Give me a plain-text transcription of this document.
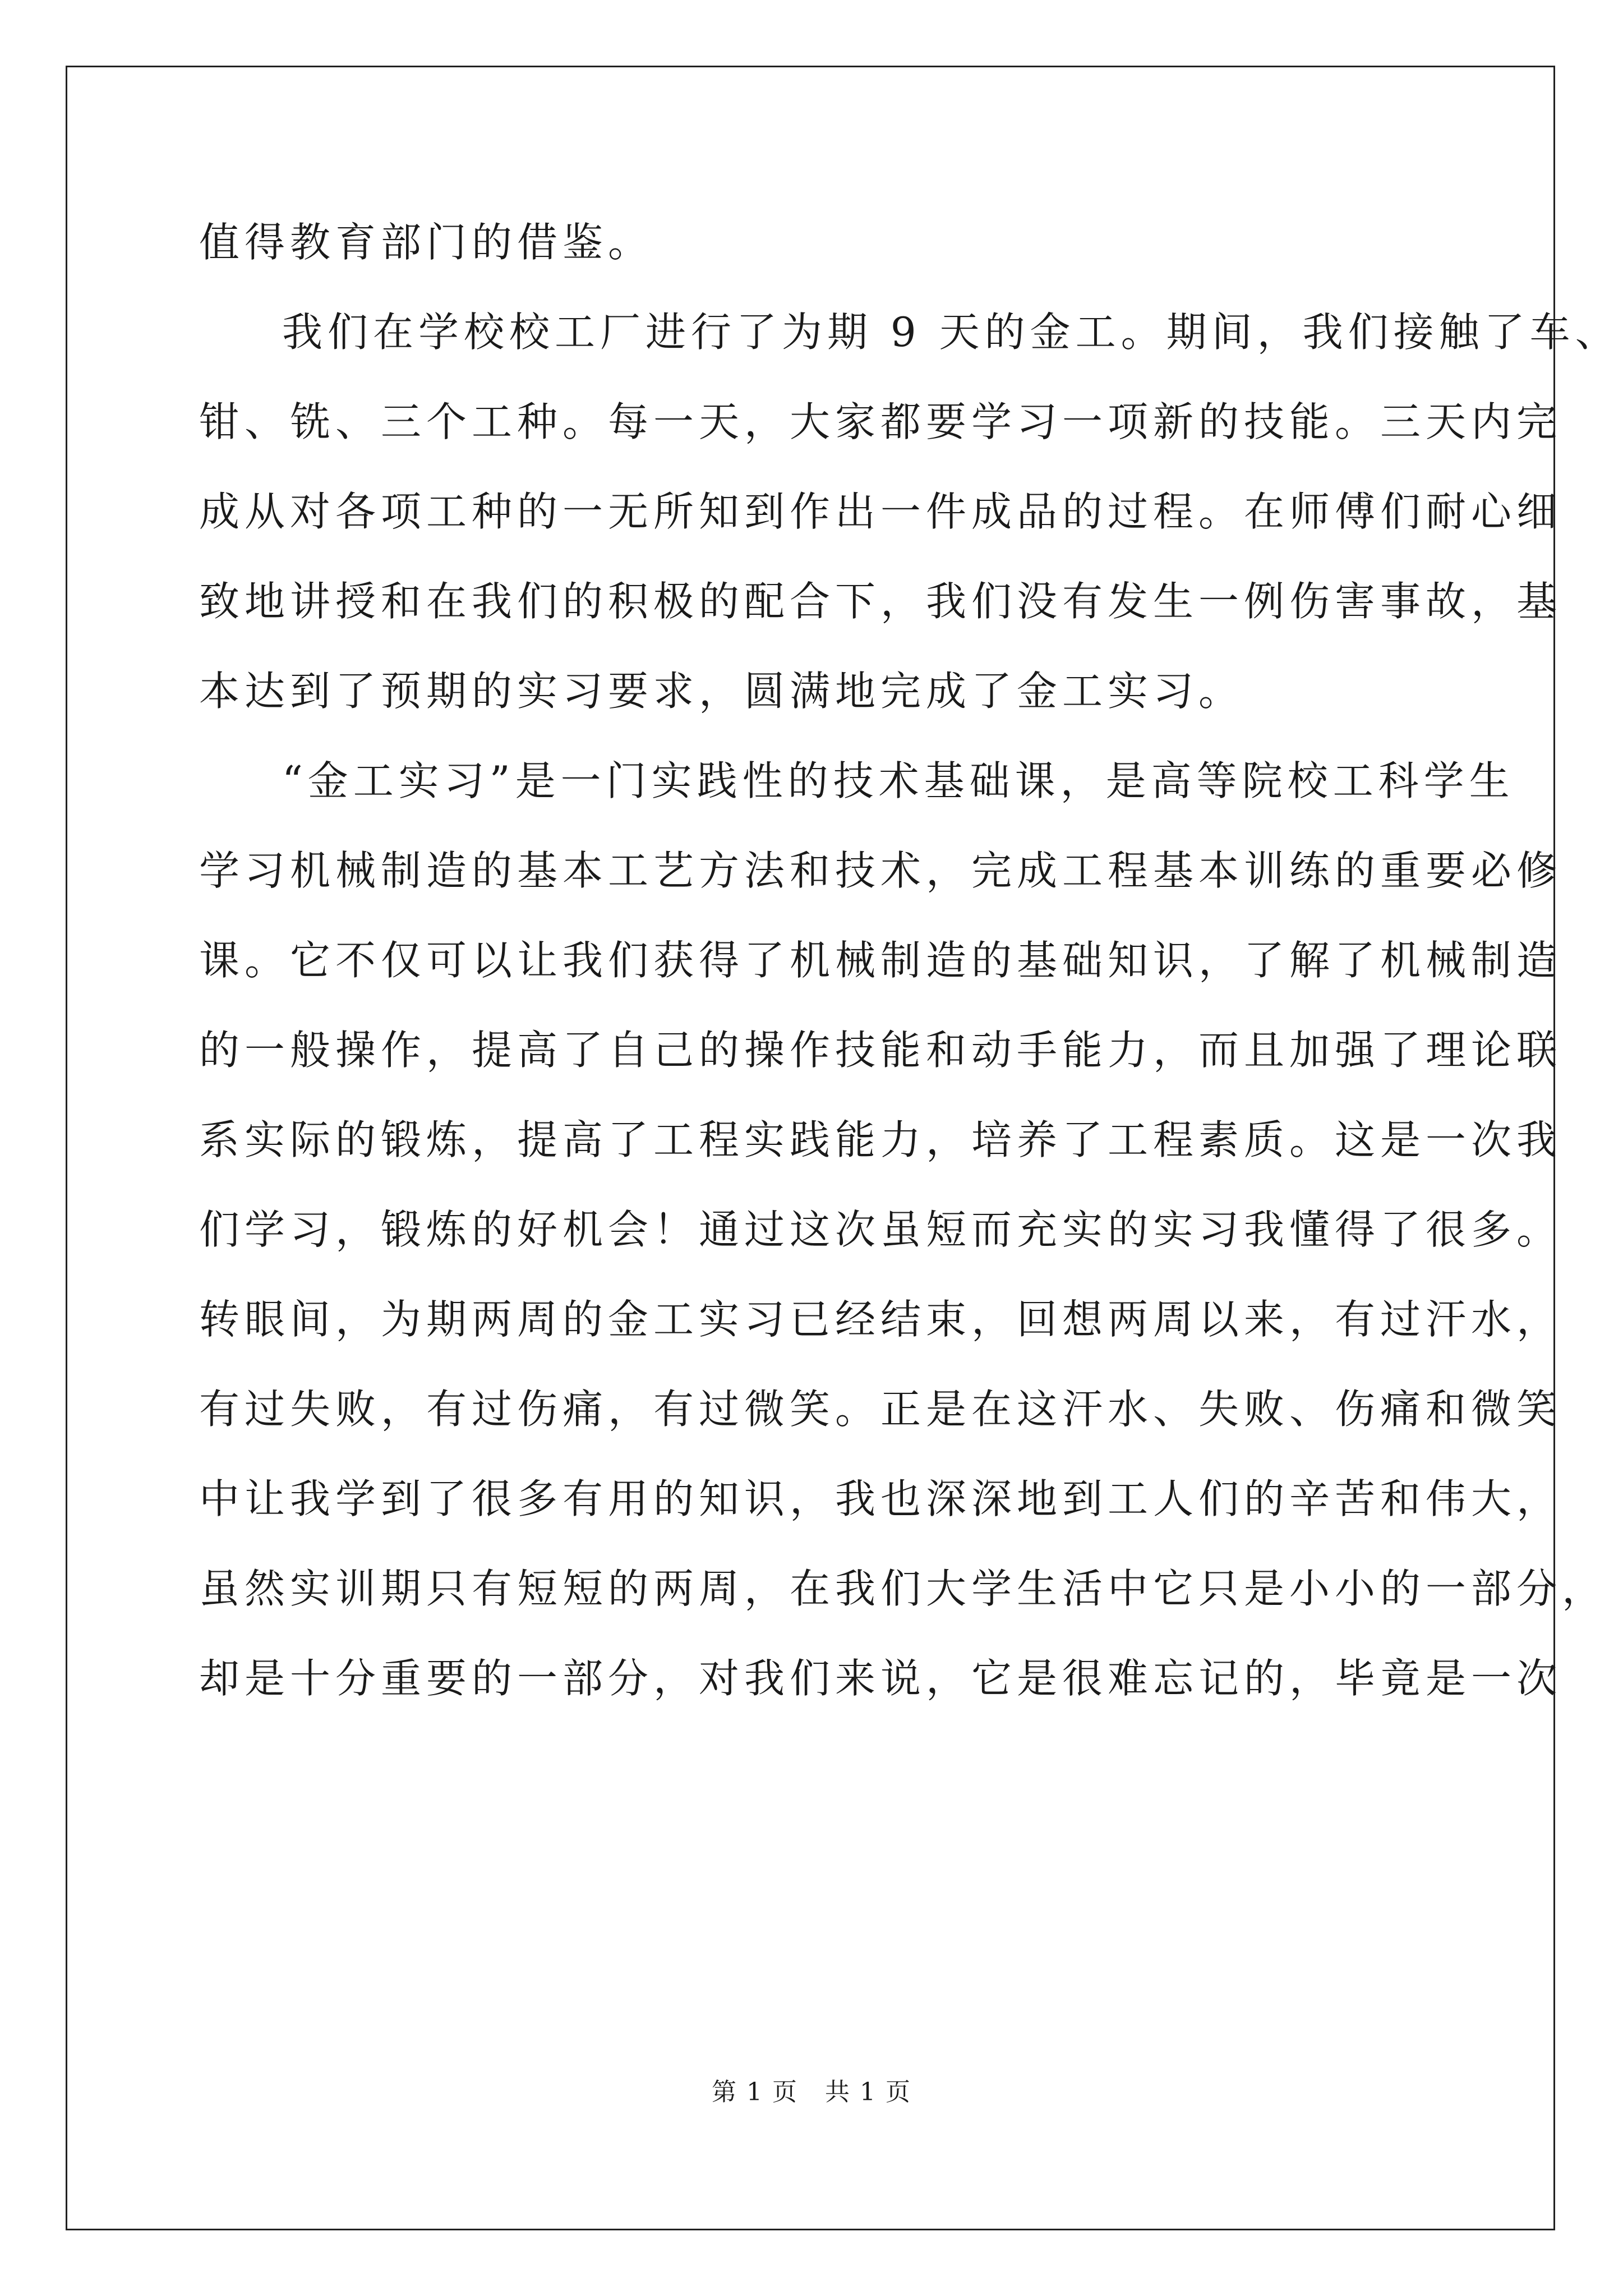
值得教育部门的借鉴。
我们在学校校工厂进行了为期 9 天的金工。期间，我们接触了车、
钳、铣、三个工种。每一天，大家都要学习一项新的技能。三天内完
成从对各项工种的一无所知到作出一件成品的过程。在师傅们耐心细
致地讲授和在我们的积极的配合下，我们没有发生一例伤害事故，基
本达到了预期的实习要求，圆满地完成了金工实习。
“金工实习”是一门实践性的技术基础课，是高等院校工科学生
学习机械制造的基本工艺方法和技术，完成工程基本训练的重要必修
课。它不仅可以让我们获得了机械制造的基础知识，了解了机械制造
的一般操作，提高了自己的操作技能和动手能力，而且加强了理论联
系实际的锻炼，提高了工程实践能力，培养了工程素质。这是一次我
们学习，锻炼的好机会！通过这次虽短而充实的实习我懂得了很多。
转眼间，为期两周的金工实习已经结束，回想两周以来，有过汗水，
有过失败，有过伤痛，有过微笑。正是在这汗水、失败、伤痛和微笑
中让我学到了很多有用的知识，我也深深地到工人们的辛苦和伟大，
虽然实训期只有短短的两周，在我们大学生活中它只是小小的一部分，
却是十分重要的一部分，对我们来说，它是很难忘记的，毕竟是一次
第 1 页 共 1 页
